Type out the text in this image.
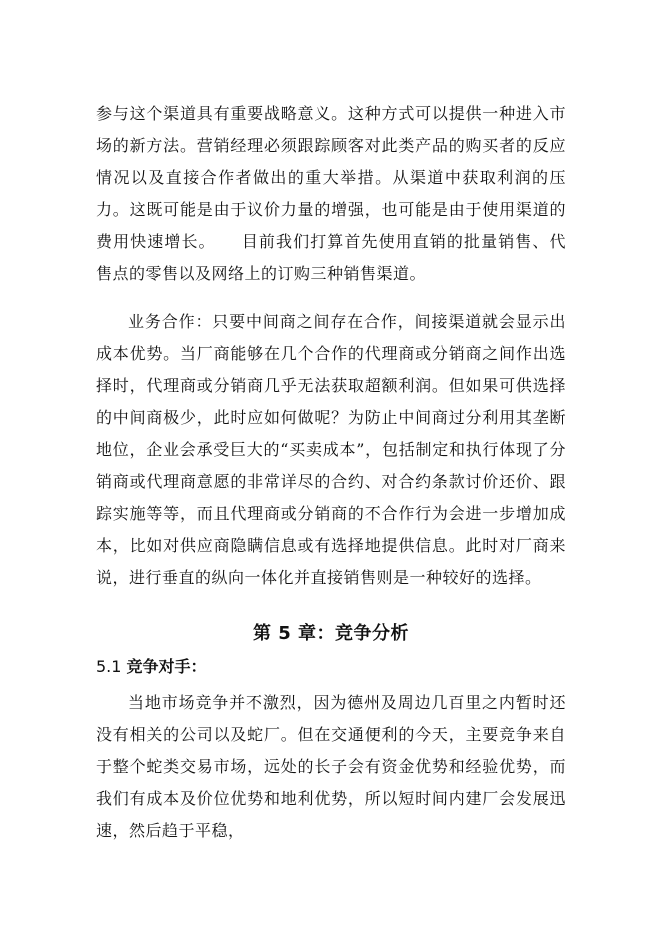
参与这个渠道具有重要战略意义。这种方式可以提供一种进入市场的新方法。营销经理必须跟踪顾客对此类产品的购买者的反应情况以及直接合作者做出的重大举措。从渠道中获取利润的压力。这既可能是由于议价力量的增强，也可能是由于使用渠道的费用快速增长。　　目前我们打算首先使用直销的批量销售、代售点的零售以及网络上的订购三种销售渠道。

业务合作：只要中间商之间存在合作，间接渠道就会显示出成本优势。当厂商能够在几个合作的代理商或分销商之间作出选择时，代理商或分销商几乎无法获取超额利润。但如果可供选择的中间商极少，此时应如何做呢？为防止中间商过分利用其垄断地位，企业会承受巨大的“买卖成本”，包括制定和执行体现了分销商或代理商意愿的非常详尽的合约、对合约条款讨价还价、跟踪实施等等，而且代理商或分销商的不合作行为会进一步增加成本，比如对供应商隐瞒信息或有选择地提供信息。此时对厂商来说，进行垂直的纵向一体化并直接销售则是一种较好的选择。

第 5 章：竞争分析
5.1 竞争对手：

当地市场竞争并不激烈，因为德州及周边几百里之内暂时还没有相关的公司以及蛇厂。但在交通便利的今天，主要竞争来自于整个蛇类交易市场，远处的长子会有资金优势和经验优势，而我们有成本及价位优势和地利优势，所以短时间内建厂会发展迅速，然后趋于平稳，
